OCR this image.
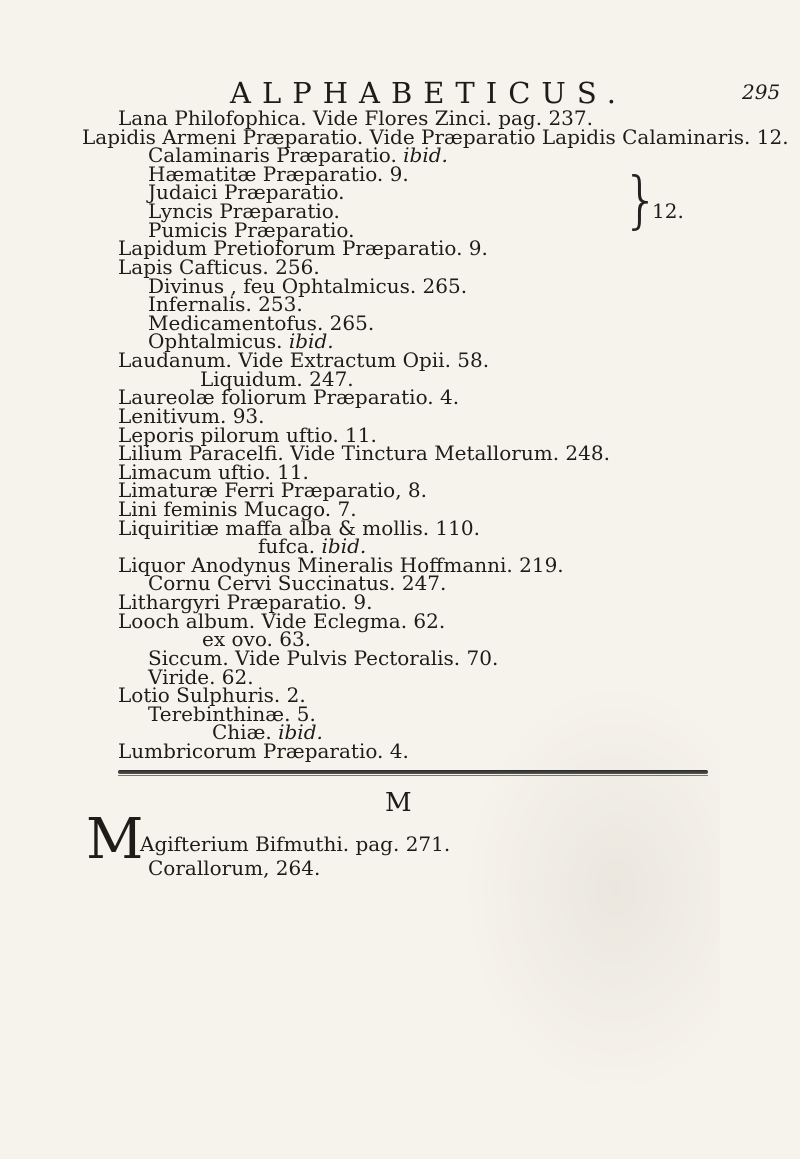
ALPHABETICUS.	295
Lana Philofophica. Vide Flores Zinci. pag. 237.
Lapidis Armeni Præparatio. Vide Præparatio Lapidis Calaminaris. 12.
Calaminaris Præparatio. ibid.
Hæmatitæ Præparatio. 9.
Judaici Præparatio.
Lyncis Præparatio.
Pumicis Præparatio.	}
12.
Lapidum Pretioforum Præparatio. 9.
Lapis Cafticus. 256.
Divinus , feu Ophtalmicus. 265.
Infernalis. 253.
Medicamentofus. 265.
Ophtalmicus. ibid.
Laudanum. Vide Extractum Opii. 58.
Liquidum. 247.
Laureolæ foliorum Præparatio. 4.
Lenitivum. 93.
Leporis pilorum uftio. 11.
Lilium Paracelfi. Vide Tinctura Metallorum. 248.
Limacum uftio. 11.
Limaturæ Ferri Præparatio, 8.
Lini feminis Mucago. 7.
Liquiritiæ maffa alba & mollis. 110.
fufca. ibid.
Liquor Anodynus Mineralis Hoffmanni. 219.
Cornu Cervi Succinatus. 247.
Lithargyri Præparatio. 9.
Looch album. Vide Eclegma. 62.
ex ovo. 63.
Siccum. Vide Pulvis Pectoralis. 70.
Viride. 62.
Lotio Sulphuris. 2.
Terebinthinæ. 5.
Chiæ. ibid.
Lumbricorum Præparatio. 4.
M
M
Agifterium Bifmuthi. pag. 271.
Corallorum, 264.
